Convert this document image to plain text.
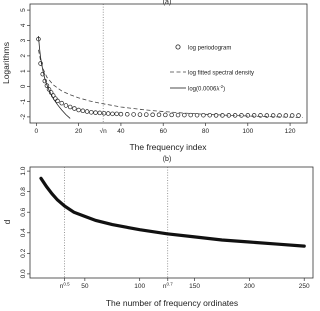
(a)
0	20	40	60	80	100	120
√n
-2
-1
0
1
2
3
4
5
The frequency index
Logarithms	log periodogram
log fitted spectral density
$\log(0.0006\lambda^{-2})$
(b)
$n^{0.5}$ 50	100	$n^{0.7}$	150	200	250
0.0
0.2
0.4
0.6
0.8
1.0
The number of frequency ordinates
d
